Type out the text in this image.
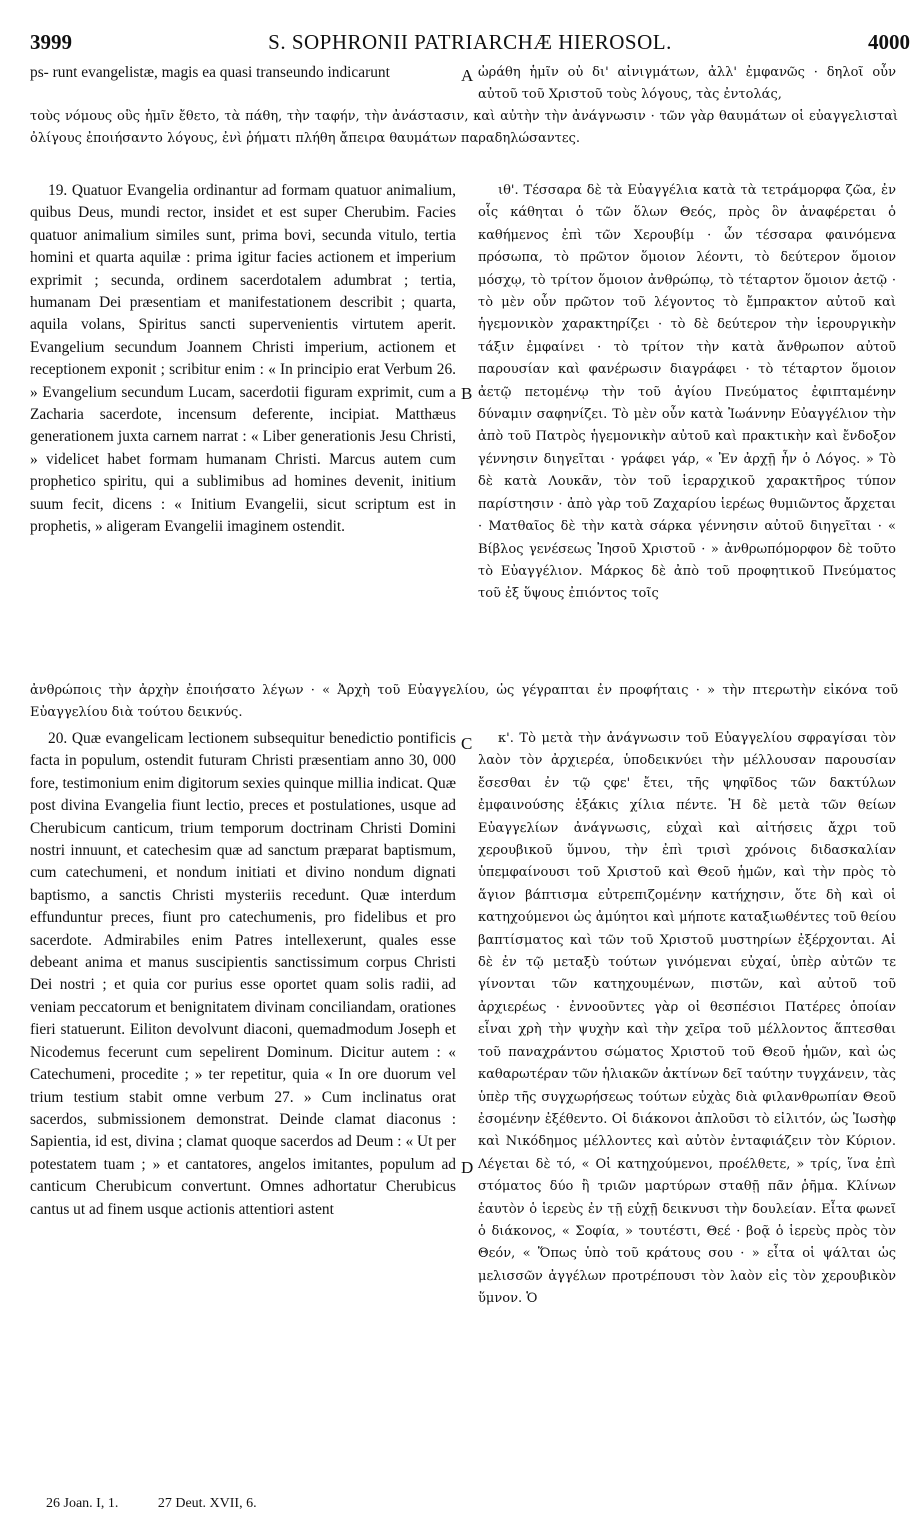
3999	S. SOPHRONII PATRIARCHÆ HIEROSOL.	4000
ps- runt evangelistæ, magis ea quasi transeundo indicarunt	ὠράθη ἡμῖν οὐ δι' αἰνιγμάτων, ἀλλ' ἐμφανῶς · δηλοῖ οὖν αὐτοῦ τοῦ Χριστοῦ τοὺς λόγους, τὰς ἐντολάς,
τοὺς νόμους οὓς ἡμῖν ἔθετο, τὰ πάθη, τὴν ταφήν, τὴν ἀνάστασιν, καὶ αὐτὴν τὴν ἀνάγνωσιν · τῶν γὰρ θαυμάτων οἱ εὐαγγελισταὶ ὀλίγους ἐποιήσαντο λόγους, ἐνὶ ῥήματι πλήθη ἄπειρα θαυμάτων παραδηλώσαντες.
19. Quatuor Evangelia ordinantur ad formam quatuor animalium, quibus Deus, mundi rector, insidet et est super Cherubim. Facies quatuor animalium similes sunt, prima bovi, secunda vitulo, tertia homini et quarta aquilæ : prima igitur facies actionem et imperium exprimit ; secunda, ordinem sacerdotalem adumbrat ; tertia, humanam Dei præsentiam et manifestationem describit ; quarta, aquila volans, Spiritus sancti supervenientis virtutem aperit. Evangelium secundum Joannem Christi imperium, actionem et receptionem exponit ; scribitur enim : « In principio erat Verbum 26. » Evangelium secundum Lucam, sacerdotii figuram exprimit, cum a Zacharia sacerdote, incensum deferente, incipiat. Matthæus generationem juxta carnem narrat : « Liber generationis Jesu Christi, » videlicet habet formam humanam Christi. Marcus autem cum prophetico spiritu, qui a sublimibus ad homines devenit, initium suum fecit, dicens : « Initium Evangelii, sicut scriptum est in prophetis, » aligeram Evangelii imaginem ostendit.
ιθ'. Τέσσαρα δὲ τὰ Εὐαγγέλια κατὰ τὰ τετράμορφα ζῶα, ἐν οἷς κάθηται ὁ τῶν ὅλων Θεός, πρὸς ὃν ἀναφέρεται ὁ καθήμενος ἐπὶ τῶν Χερουβίμ · ὧν τέσσαρα φαινόμενα πρόσωπα, τὸ πρῶτον ὅμοιον λέοντι, τὸ δεύτερον ὅμοιον μόσχῳ, τὸ τρίτον ὅμοιον ἀνθρώπῳ, τὸ τέταρτον ὅμοιον ἀετῷ · τὸ μὲν οὖν πρῶτον τοῦ λέγοντος τὸ ἔμπρακτον αὐτοῦ καὶ ἡγεμονικὸν χαρακτηρίζει · τὸ δὲ δεύτερον τὴν ἱερουργικὴν τάξιν ἐμφαίνει · τὸ τρίτον τὴν κατὰ ἄνθρωπον αὐτοῦ παρουσίαν καὶ φανέρωσιν διαγράφει · τὸ τέταρτον ὅμοιον ἀετῷ πετομένῳ τὴν τοῦ ἁγίου Πνεύματος ἐφιπταμένην δύναμιν σαφηνίζει. Τὸ μὲν οὖν κατὰ Ἰωάννην Εὐαγγέλιον τὴν ἀπὸ τοῦ Πατρὸς ἡγεμονικὴν αὐτοῦ καὶ πρακτικὴν καὶ ἔνδοξον γέννησιν διηγεῖται · γράφει γάρ, « Ἐν ἀρχῇ ἦν ὁ Λόγος. » Τὸ δὲ κατὰ Λουκᾶν, τὸν τοῦ ἱεραρχικοῦ χαρακτῆρος τύπον παρίστησιν · ἀπὸ γὰρ τοῦ Ζαχαρίου ἱερέως θυμιῶντος ἄρχεται · Ματθαῖος δὲ τὴν κατὰ σάρκα γέννησιν αὐτοῦ διηγεῖται · « Βίβλος γενέσεως Ἰησοῦ Χριστοῦ · » ἀνθρωπόμορφον δὲ τοῦτο τὸ Εὐαγγέλιον. Μάρκος δὲ ἀπὸ τοῦ προφητικοῦ Πνεύματος τοῦ ἐξ ὕψους ἐπιόντος τοῖς
ἀνθρώποις τὴν ἀρχὴν ἐποιήσατο λέγων · « Ἀρχὴ τοῦ Εὐαγγελίου, ὡς γέγραπται ἐν προφήταις · » τὴν πτερωτὴν εἰκόνα τοῦ Εὐαγγελίου διὰ τούτου δεικνύς.
20. Quæ evangelicam lectionem subsequitur benedictio pontificis facta in populum, ostendit futuram Christi præsentiam anno 30, 000 fore, testimonium enim digitorum sexies quinque millia indicat. Quæ post divina Evangelia fiunt lectio, preces et postulationes, usque ad Cherubicum canticum, trium temporum doctrinam Christi Domini nostri innuunt, et catechesim quæ ad sanctum præparat baptismum, cum catechumeni, et nondum initiati et divino nondum dignati baptismo, a sanctis Christi mysteriis recedunt. Quæ interdum effunduntur preces, fiunt pro catechumenis, pro fidelibus et pro sacerdote. Admirabiles enim Patres intellexerunt, quales esse debeant anima et manus suscipientis sanctissimum corpus Christi Dei nostri ; et quia cor purius esse oportet quam solis radii, ad veniam peccatorum et benignitatem divinam conciliandam, orationes fieri statuerunt. Eiliton devolvunt diaconi, quemadmodum Joseph et Nicodemus fecerunt cum sepelirent Dominum. Dicitur autem : « Catechumeni, procedite ; » ter repetitur, quia « In ore duorum vel trium testium stabit omne verbum 27. » Cum inclinatus orat sacerdos, submissionem demonstrat. Deinde clamat diaconus : Sapientia, id est, divina ; clamat quoque sacerdos ad Deum : « Ut per potestatem tuam ; » et cantatores, angelos imitantes, populum ad canticum Cherubicum convertunt. Omnes adhortatur Cherubicus cantus ut ad finem usque actionis attentiori astent
κ'. Τὸ μετὰ τὴν ἀνάγνωσιν τοῦ Εὐαγγελίου σφραγίσαι τὸν λαὸν τὸν ἀρχιερέα, ὑποδεικνύει τὴν μέλλουσαν παρουσίαν ἔσεσθαι ἐν τῷ ςφε' ἔτει, τῆς ψηφῖδος τῶν δακτύλων ἐμφαινούσης ἑξάκις χίλια πέντε. Ἡ δὲ μετὰ τῶν θείων Εὐαγγελίων ἀνάγνωσις, εὐχαὶ καὶ αἰτήσεις ἄχρι τοῦ χερουβικοῦ ὕμνου, τὴν ἐπὶ τρισὶ χρόνοις διδασκαλίαν ὑπεμφαίνουσι τοῦ Χριστοῦ καὶ Θεοῦ ἡμῶν, καὶ τὴν πρὸς τὸ ἅγιον βάπτισμα εὐτρεπιζομένην κατήχησιν, ὅτε δὴ καὶ οἱ κατηχούμενοι ὡς ἀμύητοι καὶ μήποτε καταξιωθέντες τοῦ θείου βαπτίσματος καὶ τῶν τοῦ Χριστοῦ μυστηρίων ἐξέρχονται. Αἱ δὲ ἐν τῷ μεταξὺ τούτων γινόμεναι εὐχαί, ὑπὲρ αὐτῶν τε γίνονται τῶν κατηχουμένων, πιστῶν, καὶ αὐτοῦ τοῦ ἀρχιερέως · ἐννοοῦντες γὰρ οἱ θεσπέσιοι Πατέρες ὁποίαν εἶναι χρὴ τὴν ψυχὴν καὶ τὴν χεῖρα τοῦ μέλλοντος ἅπτεσθαι τοῦ παναχράντου σώματος Χριστοῦ τοῦ Θεοῦ ἡμῶν, καὶ ὡς καθαρωτέραν τῶν ἡλιακῶν ἀκτίνων δεῖ ταύτην τυγχάνειν, τὰς ὑπὲρ τῆς συγχωρήσεως τούτων εὐχὰς διὰ φιλανθρωπίαν Θεοῦ ἐσομένην ἐξέθεντο. Οἱ διάκονοι ἀπλοῦσι τὸ εἰλιτόν, ὡς Ἰωσὴφ καὶ Νικόδημος μέλλοντες καὶ αὐτὸν ἐνταφιάζειν τὸν Κύριον. Λέγεται δὲ τό, « Οἱ κατηχούμενοι, προέλθετε, » τρίς, ἵνα ἐπὶ στόματος δύο ἢ τριῶν μαρτύρων σταθῇ πᾶν ῥῆμα. Κλίνων ἑαυτὸν ὁ ἱερεὺς ἐν τῇ εὐχῇ δεικνυσι τὴν δουλείαν. Εἶτα φωνεῖ ὁ διάκονος, « Σοφία, » τουτέστι, Θεέ · βοᾷ ὁ ἱερεὺς πρὸς τὸν Θεόν, « Ὅπως ὑπὸ τοῦ κράτους σου · » εἶτα οἱ ψάλται ὡς μελισσῶν ἀγγέλων προτρέπουσι τὸν λαὸν εἰς τὸν χερουβικὸν ὕμνον. Ὁ
A
B
C
D
26 Joan. I, 1.	27 Deut. XVII, 6.
